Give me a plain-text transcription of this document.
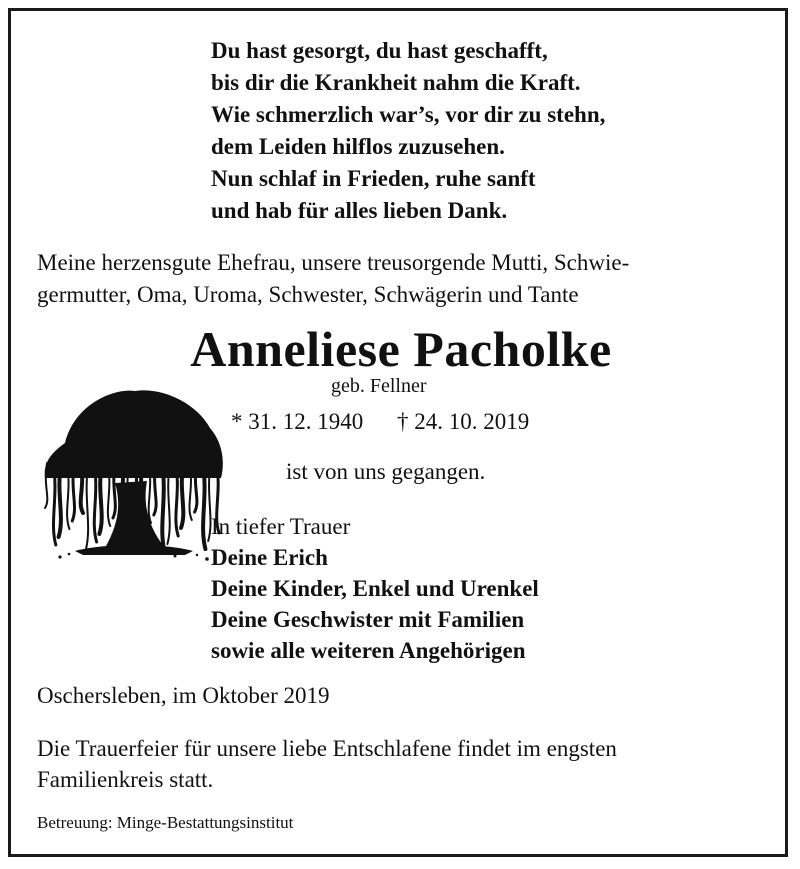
Du hast gesorgt, du hast geschafft,
bis dir die Krankheit nahm die Kraft.
Wie schmerzlich war’s, vor dir zu stehn,
dem Leiden hilflos zuzusehen.
Nun schlaf in Frieden, ruhe sanft
und hab für alles lieben Dank.
Meine herzensgute Ehefrau, unsere treusorgende Mutti, Schwie-
germutter, Oma, Uroma, Schwester, Schwägerin und Tante
Anneliese Pacholke
geb. Fellner
* 31. 12. 1940 † 24. 10. 2019
ist von uns gegangen.
In tiefer Trauer
Deine Erich
Deine Kinder, Enkel und Urenkel
Deine Geschwister mit Familien
sowie alle weiteren Angehörigen
Oschersleben, im Oktober 2019
Die Trauerfeier für unsere liebe Entschlafene findet im engsten
Familienkreis statt.
Betreuung: Minge-Bestattungsinstitut
